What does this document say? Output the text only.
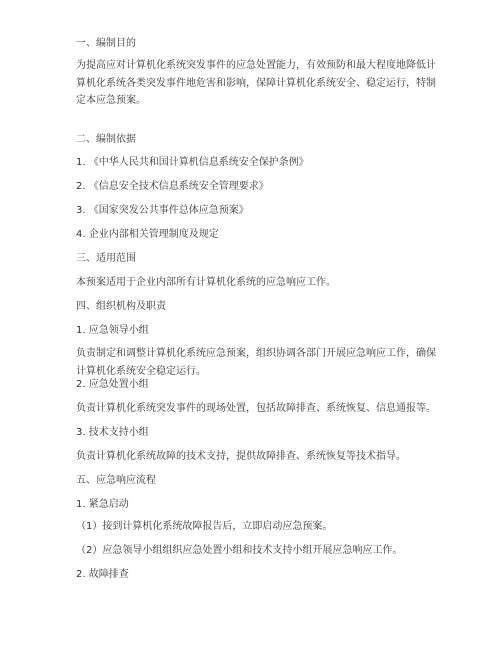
一、编制目的
为提高应对计算机化系统突发事件的应急处置能力，有效预防和最大程度地降低计算机化系统各类突发事件地危害和影响，保障计算机化系统安全、稳定运行，特制定本应急预案。
二、编制依据
1. 《中华人民共和国计算机信息系统安全保护条例》
2. 《信息安全技术信息系统安全管理要求》
3. 《国家突发公共事件总体应急预案》
4. 企业内部相关管理制度及规定
三、适用范围
本预案适用于企业内部所有计算机化系统的应急响应工作。
四、组织机构及职责
1. 应急领导小组
负责制定和调整计算机化系统应急预案，组织协调各部门开展应急响应工作，确保计算机化系统安全稳定运行。
2. 应急处置小组
负责计算机化系统突发事件的现场处置，包括故障排查、系统恢复、信息通报等。
3. 技术支持小组
负责计算机化系统故障的技术支持，提供故障排查、系统恢复等技术指导。
五、应急响应流程
1. 紧急启动
（1）接到计算机化系统故障报告后，立即启动应急预案。
（2）应急领导小组组织应急处置小组和技术支持小组开展应急响应工作。
2. 故障排查
